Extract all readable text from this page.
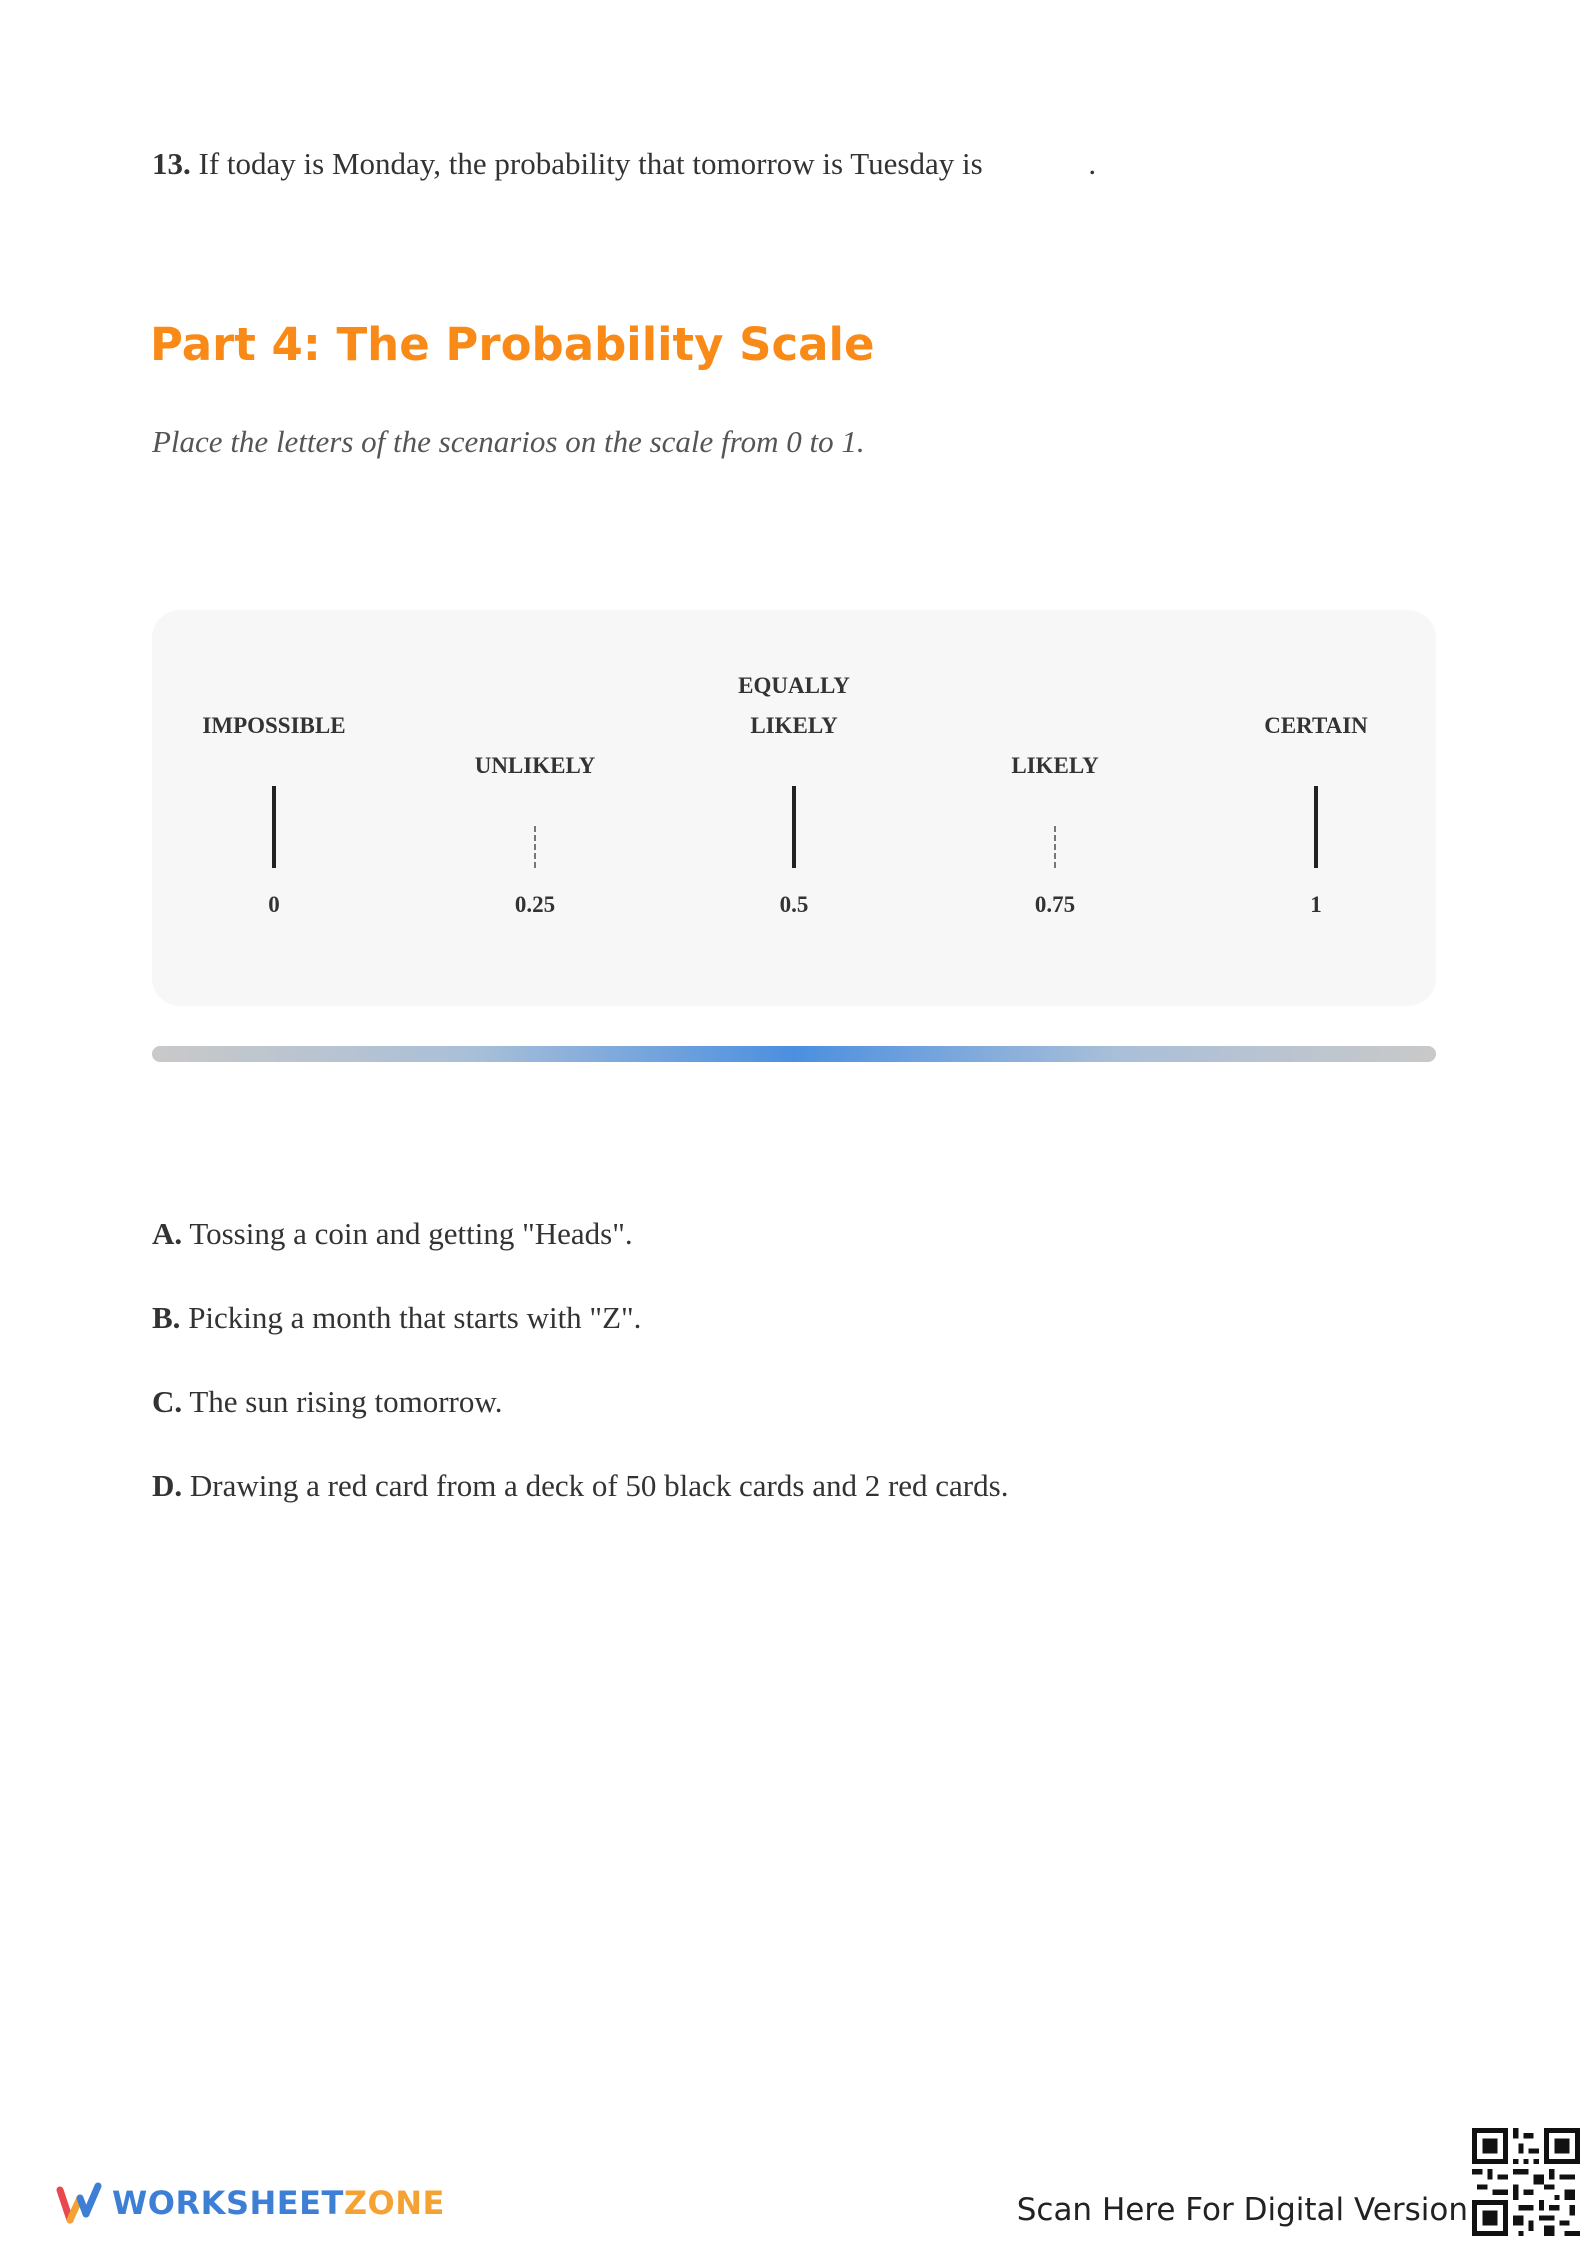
13. If today is Monday, the probability that tomorrow is Tuesday is	.
Part 4: The Probability Scale
Place the letters of the scenarios on the scale from 0 to 1.
IMPOSSIBLE
0
UNLIKELY
0.25
EQUALLY
LIKELY
0.5
LIKELY
0.75
CERTAIN
1
A. Tossing a coin and getting "Heads".
B. Picking a month that starts with "Z".
C. The sun rising tomorrow.
D. Drawing a red card from a deck of 50 black cards and 2 red cards.
WORKSHEETZONE	Scan Here For Digital Version
